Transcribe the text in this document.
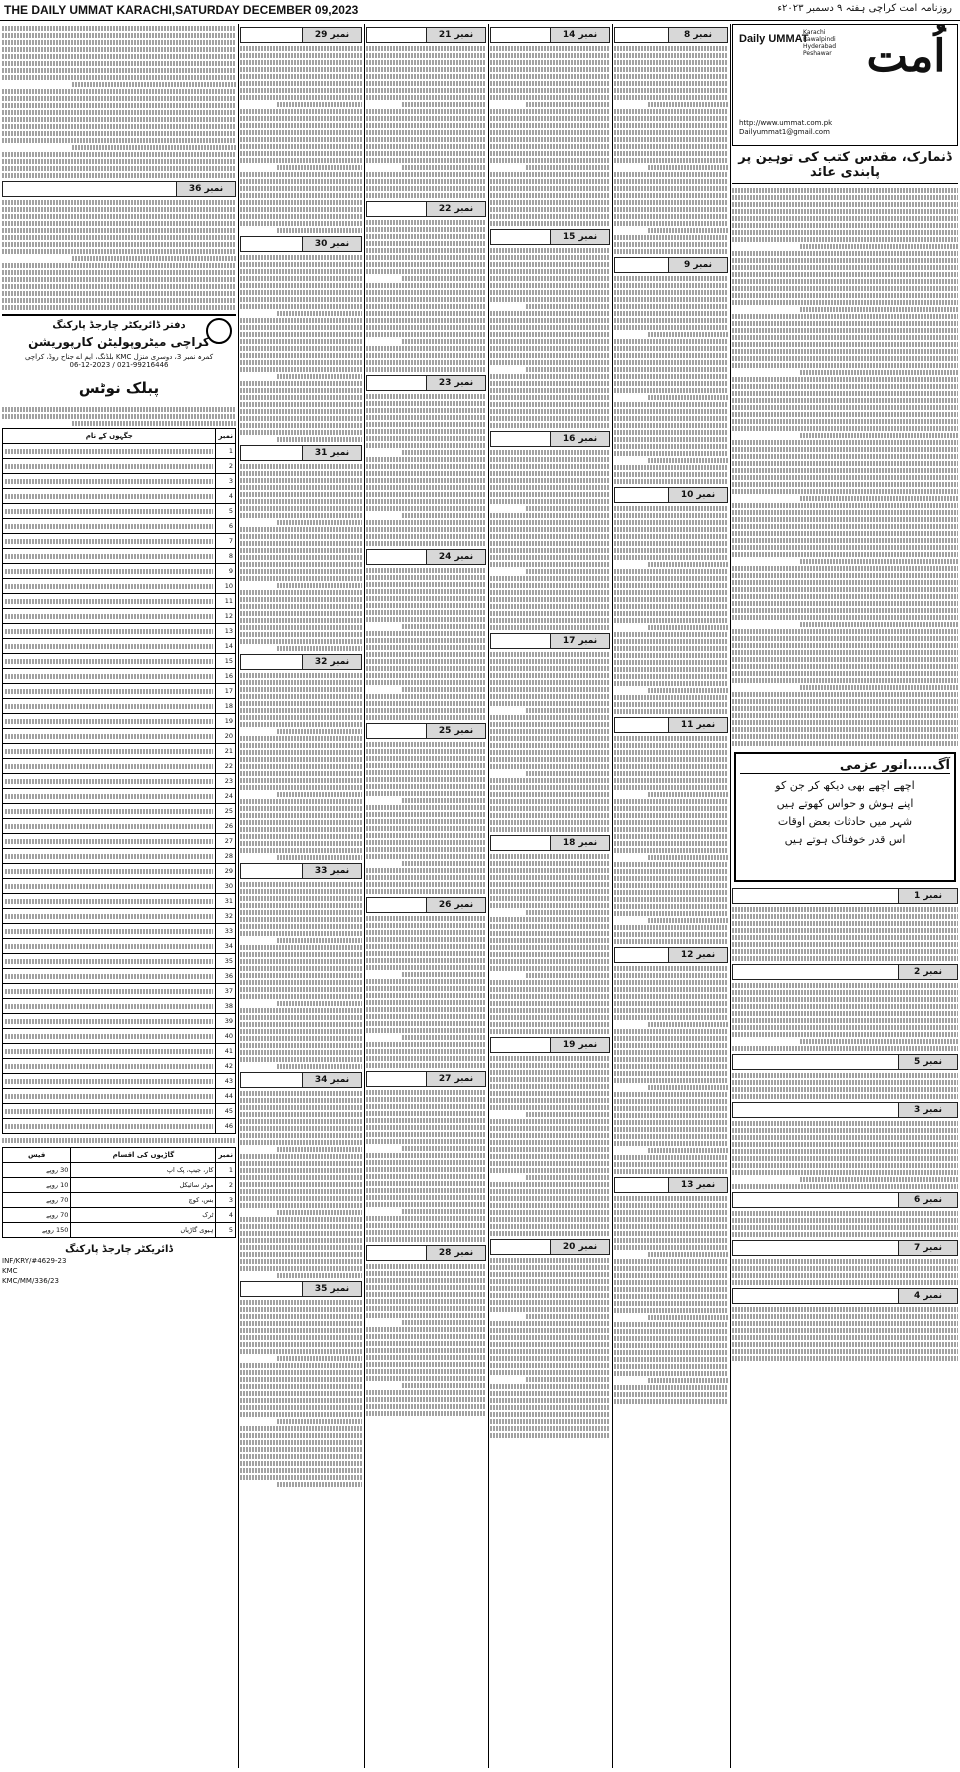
THE DAILY UMMAT KARACHI,SATURDAY DECEMBER 09,2023	روزنامہ امت کراچی ہفتہ ۹ دسمبر ۲۰۲۳ء
اُمت
Daily UMMAT
Karachi Rawalpindi Hyderabad Peshawar
http://www.ummat.com.pk
Dailyummat1@gmail.com
ڈنمارک، مقدس کتب کی توہین پر پابندی عائد
آگ.....انور عزمی
اچھے اچھے بھی دیکھ کر جن کو
اپنے ہوش و حواس کھوتے ہیں
شہر میں حادثات بعض اوقات
اس قدر خوفناک ہوتے ہیں
نمبر 1
نمبر 2
نمبر 5
نمبر 3
نمبر 6
نمبر 7
نمبر 4
نمبر 8
نمبر 9
نمبر 10
نمبر 11
نمبر 12
نمبر 13
نمبر 14
نمبر 15
نمبر 16
نمبر 17
نمبر 18
نمبر 19
نمبر 20
نمبر 21
نمبر 22
نمبر 23
نمبر 24
نمبر 25
نمبر 26
نمبر 27
نمبر 28
نمبر 29
نمبر 30
نمبر 31
نمبر 32
نمبر 33
نمبر 34
نمبر 35
نمبر 36
دفتر ڈائریکٹر چارجڈ پارکنگ
کراچی میٹروپولیٹن کارپوریشن
کمرہ نمبر 3، دوسری منزل KMC بلڈنگ، ایم اے جناح روڈ، کراچی
021-99216446 / 06-12-2023
پبلک نوٹس
نمبر	جگہوں کے نام
1	

2	

3	

4	

5	

6	

7	

8	

9	

10	

11	

12	

13	

14	

15	

16	

17	

18	

19	

20	

21	

22	

23	

24	

25	

26	

27	

28	

29	

30	

31	

32	

33	

34	

35	

36	

37	

38	

39	

40	

41	

42	

43	

44	

45	

46	
نمبر	گاڑیوں کی اقسام	فیس
1	کار، جیپ، پک اپ	30 روپے
2	موٹر سائیکل	10 روپے
3	بس، کوچ	70 روپے
4	ٹرک	70 روپے
5	ہیوی گاڑیاں	150 روپے
ڈائریکٹر چارجڈ پارکنگ
INF/KRY/#4629-23
KMC
KMC/MM/336/23
